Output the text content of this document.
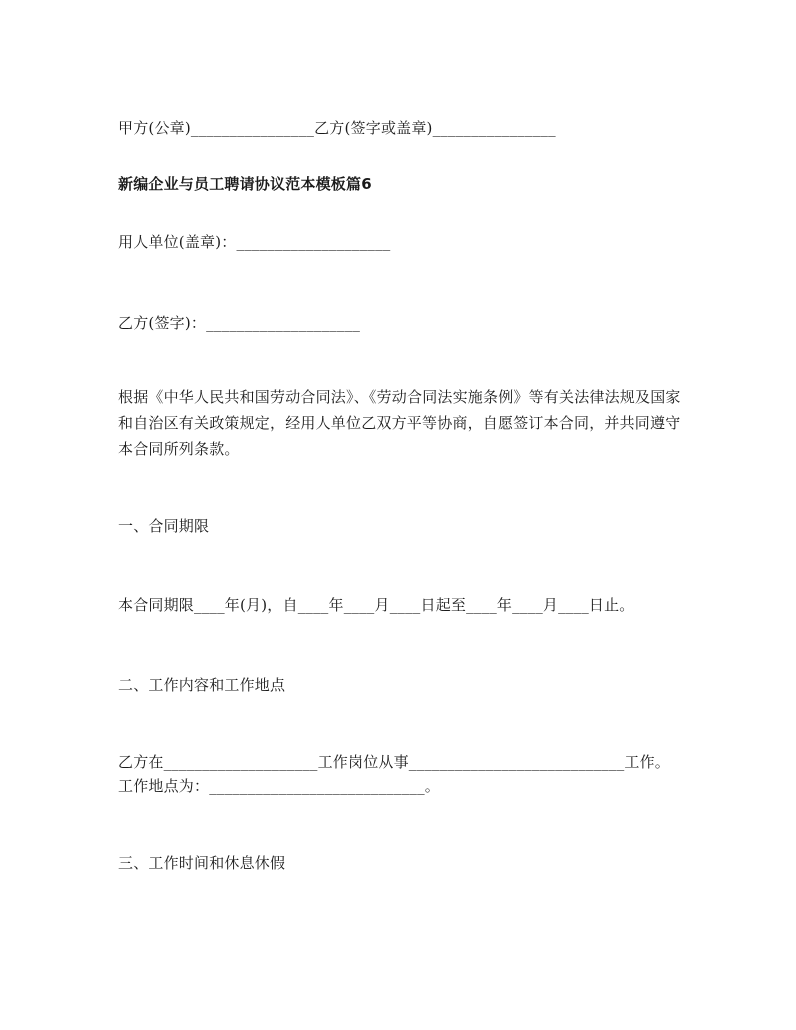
甲方(公章)________________乙方(签字或盖章)________________
新编企业与员工聘请协议范本模板篇6
用人单位(盖章)：____________________
乙方(签字)：____________________
根据《中华人民共和国劳动合同法》、《劳动合同法实施条例》等有关法律法规及国家和自治区有关政策规定，经用人单位乙双方平等协商，自愿签订本合同，并共同遵守本合同所列条款。
一、合同期限
本合同期限____年(月)，自____年____月____日起至____年____月____日止。
二、工作内容和工作地点
乙方在____________________工作岗位从事____________________________工作。
工作地点为：____________________________。
三、工作时间和休息休假
